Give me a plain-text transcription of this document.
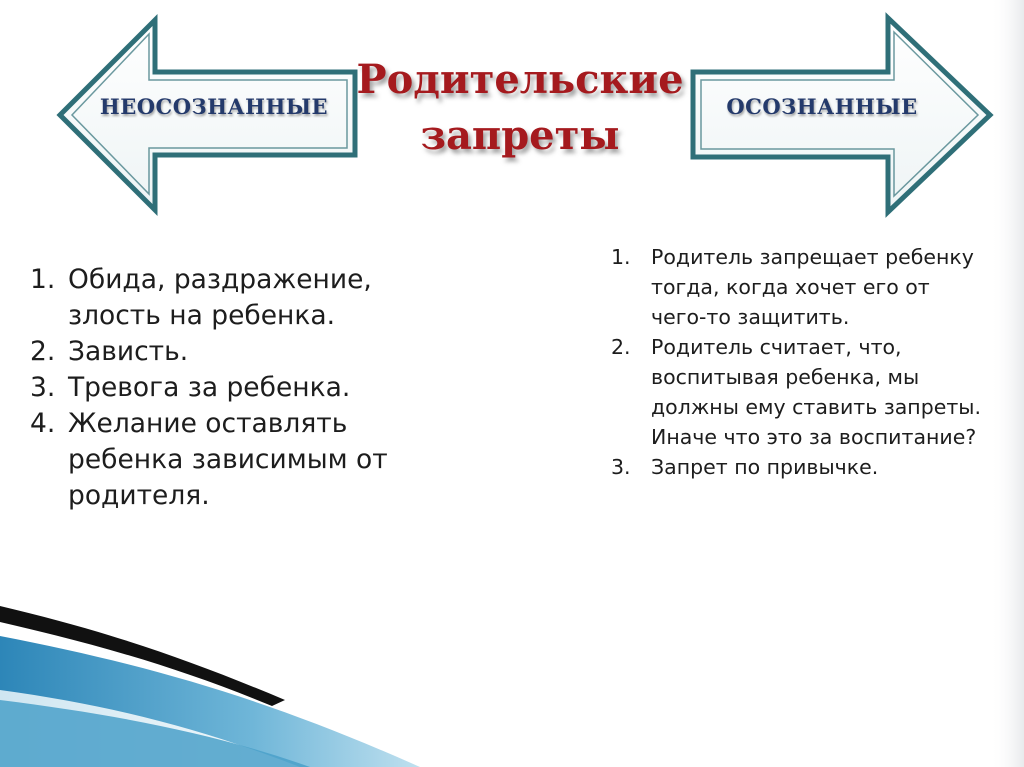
НЕОСОЗНАННЫЕ	ОСОЗНАННЫЕ
Родительские
запреты
1. Обида, раздражение, злость на ребенка.
2. Зависть.
3. Тревога за ребенка.
4. Желание оставлять ребенка зависимым от родителя.
1. Родитель запрещает ребенку тогда, когда хочет его от чего-то защитить.
2. Родитель считает, что, воспитывая ребенка, мы должны ему ставить запреты. Иначе что это за воспитание?
3. Запрет по привычке.
